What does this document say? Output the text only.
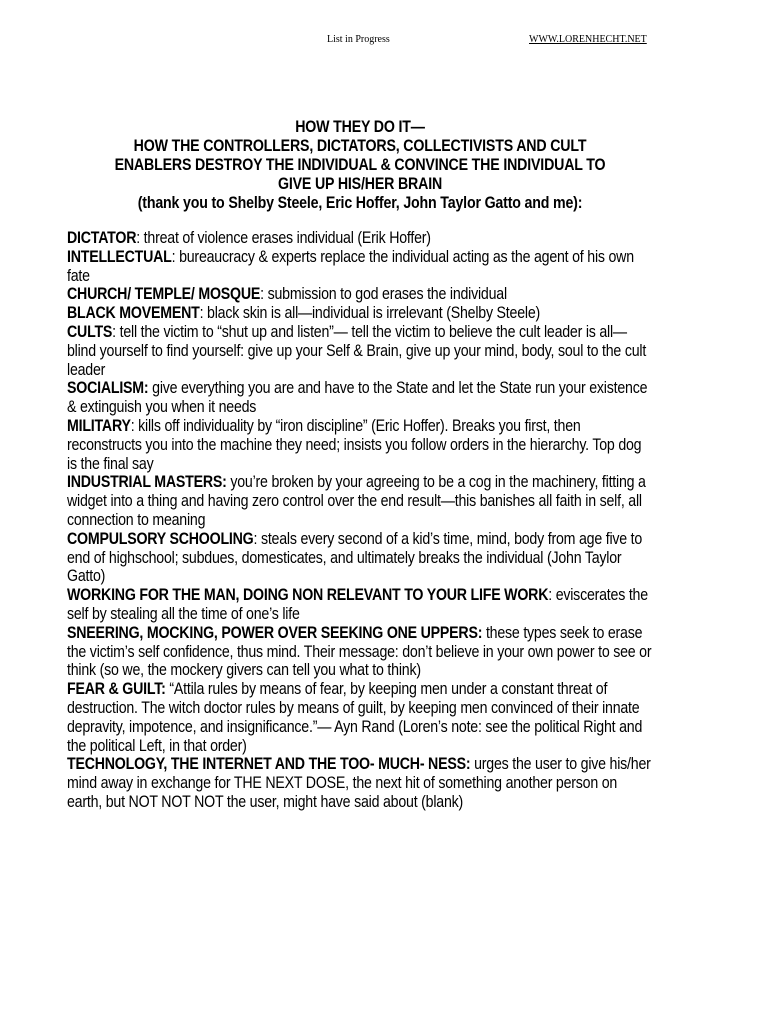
List in Progress	WWW.LORENHECHT.NET
HOW THEY DO IT—
HOW THE CONTROLLERS, DICTATORS, COLLECTIVISTS AND CULT
ENABLERS DESTROY THE INDIVIDUAL & CONVINCE THE INDIVIDUAL TO
GIVE UP HIS/HER BRAIN
(thank you to Shelby Steele, Eric Hoffer, John Taylor Gatto and me):

DICTATOR: threat of violence erases individual (Erik Hoffer)

INTELLECTUAL: bureaucracy & experts replace the individual acting as the agent of his own fate

CHURCH/ TEMPLE/ MOSQUE: submission to god erases the individual

BLACK MOVEMENT: black skin is all—individual is irrelevant (Shelby Steele)

CULTS: tell the victim to “shut up and listen”— tell the victim to believe the cult leader is all—blind yourself to find yourself: give up your Self & Brain, give up your mind, body, soul to the cult leader

SOCIALISM: give everything you are and have to the State and let the State run your existence & extinguish you when it needs

MILITARY: kills off individuality by “iron discipline” (Eric Hoffer). Breaks you first, then reconstructs you into the machine they need; insists you follow orders in the hierarchy. Top dog is the final say

INDUSTRIAL MASTERS: you’re broken by your agreeing to be a cog in the machinery, fitting a widget into a thing and having zero control over the end result—this banishes all faith in self, all connection to meaning

COMPULSORY SCHOOLING: steals every second of a kid’s time, mind, body from age five to end of highschool; subdues, domesticates, and ultimately breaks the individual (John Taylor Gatto)

WORKING FOR THE MAN, DOING NON RELEVANT TO YOUR LIFE WORK: eviscerates the self by stealing all the time of one’s life

SNEERING, MOCKING, POWER OVER SEEKING ONE UPPERS: these types seek to erase the victim’s self confidence, thus mind. Their message: don’t believe in your own power to see or think (so we, the mockery givers can tell you what to think)

FEAR & GUILT: “Attila rules by means of fear, by keeping men under a constant threat of destruction. The witch doctor rules by means of guilt, by keeping men convinced of their innate depravity, impotence, and insignificance.”— Ayn Rand (Loren’s note: see the political Right and the political Left, in that order)

TECHNOLOGY, THE INTERNET AND THE TOO- MUCH- NESS: urges the user to give his/her mind away in exchange for THE NEXT DOSE, the next hit of something another person on earth, but NOT NOT NOT the user, might have said about (blank)
